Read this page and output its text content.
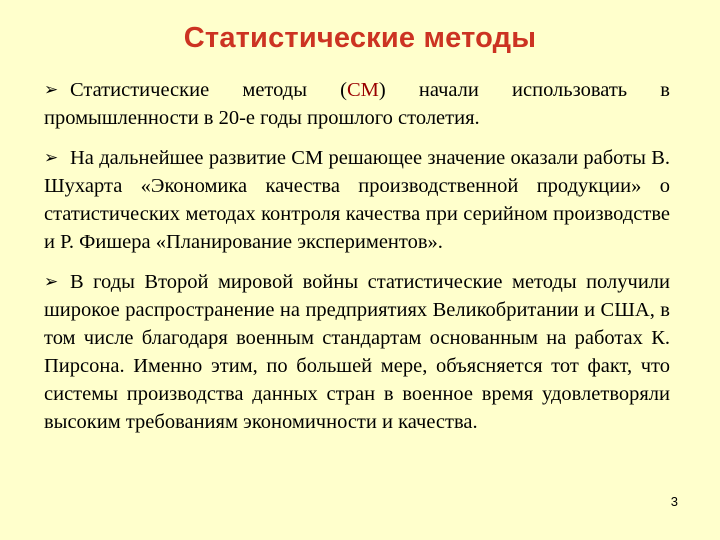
Статистические методы

➢ Статистические методы (СМ) начали использовать в промышленности в 20-е годы прошлого столетия.

➢ На дальнейшее развитие СМ решающее значение оказали работы В. Шухарта «Экономика качества производственной продукции» о статистических методах контроля качества при серийном производстве и Р. Фишера «Планирование экспериментов».

➢ В годы Второй мировой войны статистические методы получили широкое распространение на предприятиях Великобритании и США, в том числе благодаря военным стандартам основанным на работах К. Пирсона. Именно этим, по большей мере, объясняется тот факт, что системы производства данных стран в военное время удовлетворяли высоким требованиям экономичности и качества.

3
